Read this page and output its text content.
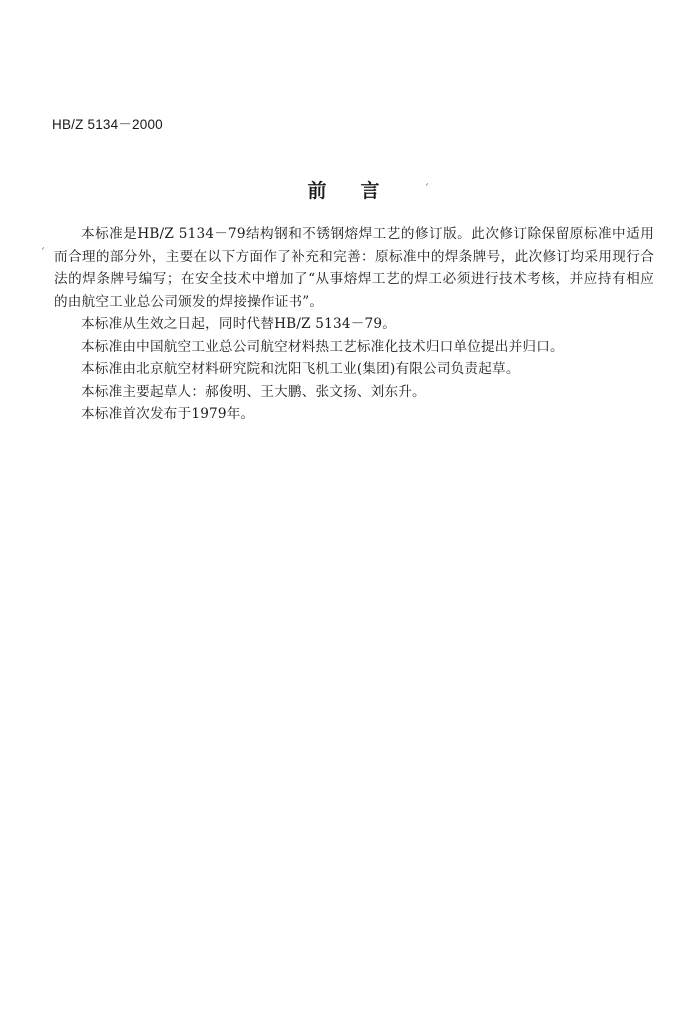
HB/Z 5134－2000
前言	ˊ
ˊ

本标准是HB/Z 5134－79结构钢和不锈钢熔焊工艺的修订版。此次修订除保留原标准中适用而合理的部分外，主要在以下方面作了补充和完善：原标准中的焊条牌号，此次修订均采用现行合法的焊条牌号编写；在安全技术中增加了“从事熔焊工艺的焊工必须进行技术考核，并应持有相应的由航空工业总公司颁发的焊接操作证书”。

本标准从生效之日起，同时代替HB/Z 5134－79。

本标准由中国航空工业总公司航空材料热工艺标准化技术归口单位提出并归口。

本标准由北京航空材料研究院和沈阳飞机工业(集团)有限公司负责起草。

本标准主要起草人：郝俊明、王大鹏、张文扬、刘东升。

本标准首次发布于1979年。
